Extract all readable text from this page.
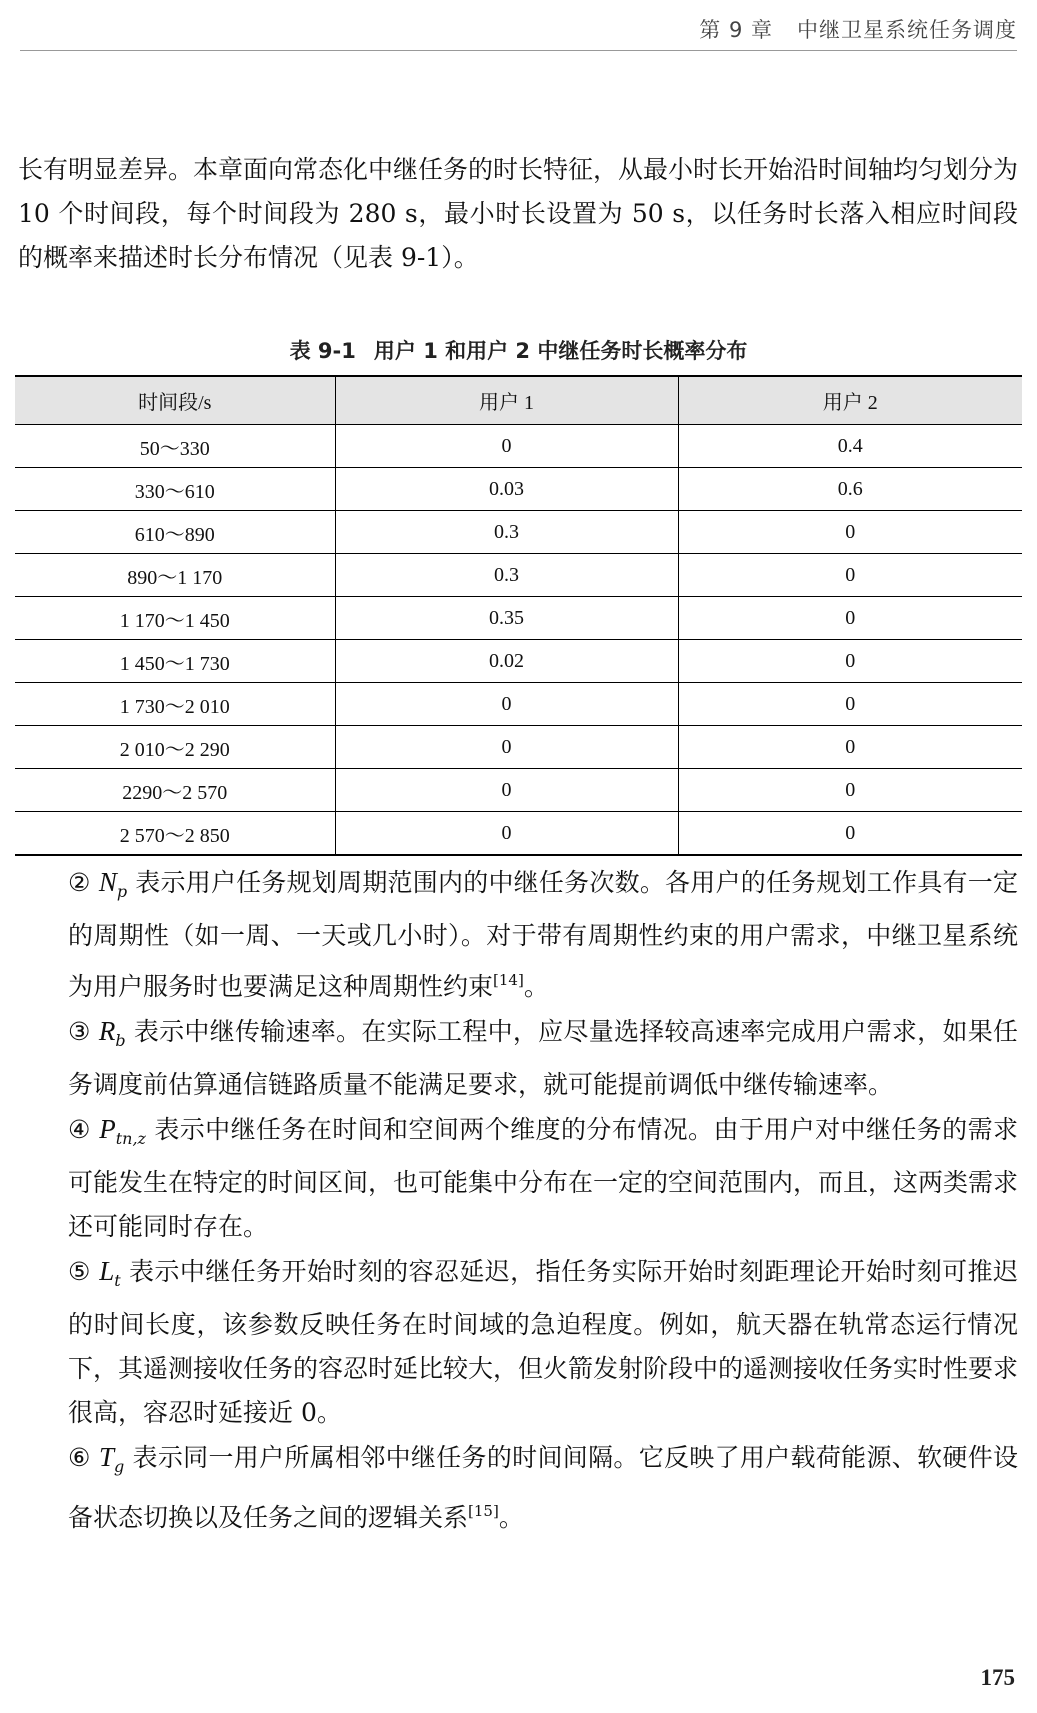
第 9 章 中继卫星系统任务调度

长有明显差异。本章面向常态化中继任务的时长特征，从最小时长开始沿时间轴均匀划分为 10 个时间段，每个时间段为 280 s，最小时长设置为 50 s，以任务时长落入相应时间段的概率来描述时长分布情况（见表 9-1）。

表 9-1 用户 1 和用户 2 中继任务时长概率分布
时间段/s	用户 1	用户 2
50～330	0	0.4
330～610	0.03	0.6
610～890	0.3	0
890～1 170	0.3	0
1 170～1 450	0.35	0
1 450～1 730	0.02	0
1 730～2 010	0	0
2 010～2 290	0	0
2290～2 570	0	0
2 570～2 850	0	0

② $N_p$ 表示用户任务规划周期范围内的中继任务次数。各用户的任务规划工作具有一定的周期性（如一周、一天或几小时）。对于带有周期性约束的用户需求，中继卫星系统为用户服务时也要满足这种周期性约束[14]。

③ $R_b$ 表示中继传输速率。在实际工程中，应尽量选择较高速率完成用户需求，如果任务调度前估算通信链路质量不能满足要求，就可能提前调低中继传输速率。

④ $P_{tn,z}$ 表示中继任务在时间和空间两个维度的分布情况。由于用户对中继任务的需求可能发生在特定的时间区间，也可能集中分布在一定的空间范围内，而且，这两类需求还可能同时存在。

⑤ $L_t$ 表示中继任务开始时刻的容忍延迟，指任务实际开始时刻距理论开始时刻可推迟的时间长度，该参数反映任务在时间域的急迫程度。例如，航天器在轨常态运行情况下，其遥测接收任务的容忍时延比较大，但火箭发射阶段中的遥测接收任务实时性要求很高，容忍时延接近 0。

⑥ $T_g$ 表示同一用户所属相邻中继任务的时间间隔。它反映了用户载荷能源、软硬件设备状态切换以及任务之间的逻辑关系[15]。

175
